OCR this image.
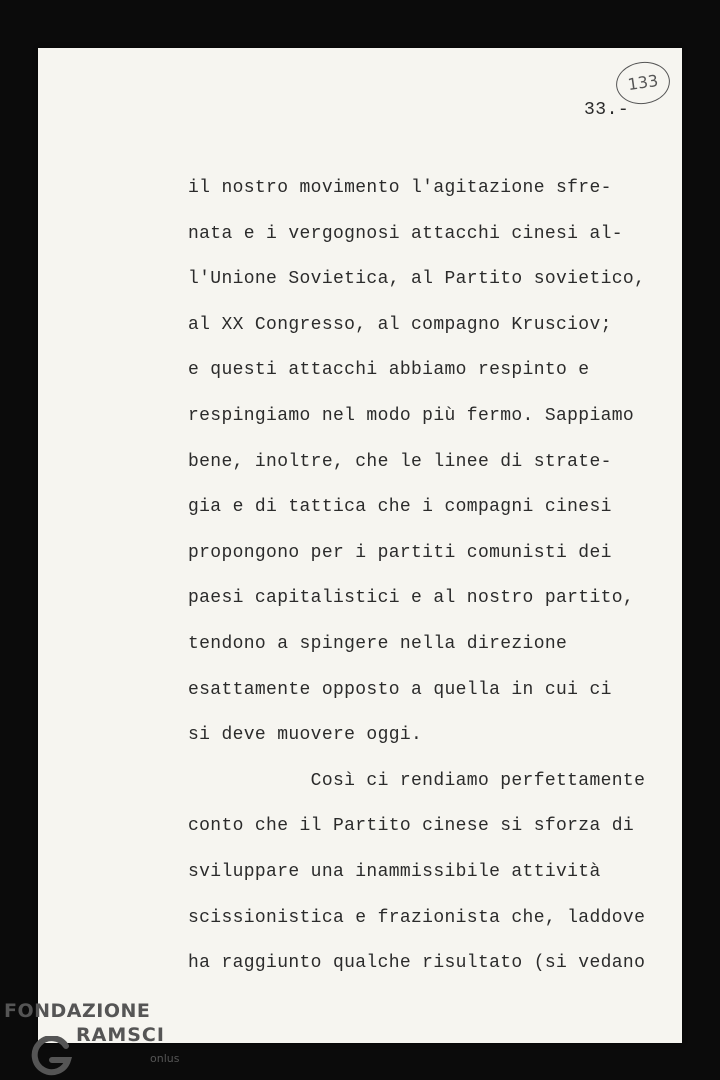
133
33.-
il nostro movimento l'agitazione sfre-
nata e i vergognosi attacchi cinesi al-
l'Unione Sovietica, al Partito sovietico,
al XX Congresso, al compagno Krusciov;
e questi attacchi abbiamo respinto e
respingiamo nel modo più fermo. Sappiamo
bene, inoltre, che le linee di strate-
gia e di tattica che i compagni cinesi
propongono per i partiti comunisti dei
paesi capitalistici e al nostro partito,
tendono a spingere nella direzione
esattamente opposto a quella in cui ci
si deve muovere oggi.
Così ci rendiamo perfettamente
conto che il Partito cinese si sforza di
sviluppare una inammissibile attività
scissionistica e frazionista che, laddove
ha raggiunto qualche risultato (si vedano
FONDAZIONE
RAMSCI
onlus
